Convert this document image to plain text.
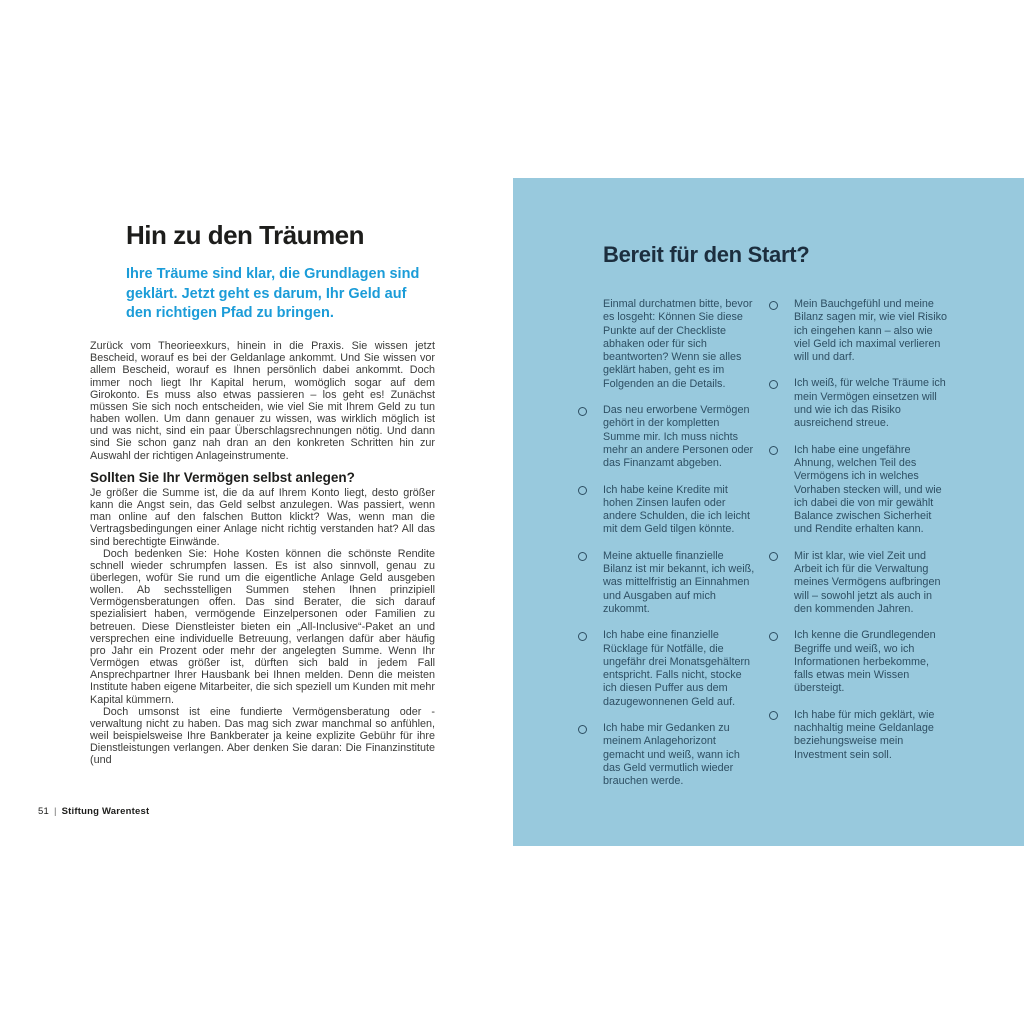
Hin zu den Träumen

Ihre Träume sind klar, die Grundlagen sind geklärt. Jetzt geht es darum, Ihr Geld auf den richtigen Pfad zu bringen.

Zurück vom Theorieexkurs, hinein in die Praxis. Sie wissen jetzt Bescheid, worauf es bei der Geldanlage ankommt. Und Sie wissen vor allem Bescheid, worauf es Ihnen persönlich dabei ankommt. Doch immer noch liegt Ihr Kapital herum, womöglich sogar auf dem Girokonto. Es muss also etwas passieren – los geht es! Zunächst müssen Sie sich noch entscheiden, wie viel Sie mit Ihrem Geld zu tun haben wollen. Um dann genauer zu wissen, was wirklich möglich ist und was nicht, sind ein paar Überschlagsrechnungen nötig. Und dann sind Sie schon ganz nah dran an den konkreten Schritten hin zur Auswahl der richtigen Anlageinstrumente.

Sollten Sie Ihr Vermögen selbst anlegen?

Je größer die Summe ist, die da auf Ihrem Konto liegt, desto größer kann die Angst sein, das Geld selbst anzulegen. Was passiert, wenn man online auf den falschen Button klickt? Was, wenn man die Vertragsbedingungen einer Anlage nicht richtig verstanden hat? All das sind berechtigte Einwände.

Doch bedenken Sie: Hohe Kosten können die schönste Rendite schnell wieder schrumpfen lassen. Es ist also sinnvoll, genau zu überlegen, wofür Sie rund um die eigentliche Anlage Geld ausgeben wollen. Ab sechsstelligen Summen stehen Ihnen prinzipiell Vermögensberatungen offen. Das sind Berater, die sich darauf spezialisiert haben, vermögende Einzelpersonen oder Familien zu betreuen. Diese Dienstleister bieten ein „All-Inclusive“-Paket an und versprechen eine individuelle Betreuung, verlangen dafür aber häufig pro Jahr ein Prozent oder mehr der angelegten Summe. Wenn Ihr Vermögen etwas größer ist, dürften sich bald in jedem Fall Ansprechpartner Ihrer Hausbank bei Ihnen melden. Denn die meisten Institute haben eigene Mitarbeiter, die sich speziell um Kunden mit mehr Kapital kümmern.

Doch umsonst ist eine fundierte Vermögensberatung oder -verwaltung nicht zu haben. Das mag sich zwar manchmal so anfühlen, weil beispielsweise Ihre Bankberater ja keine explizite Gebühr für ihre Dienstleistungen verlangen. Aber denken Sie daran: Die Finanzinstitute (und

51 | Stiftung Warentest
Bereit für den Start?

Einmal durchatmen bitte, bevor es losgeht: Können Sie diese Punkte auf der Checkliste abhaken oder für sich beantworten? Wenn sie alles geklärt haben, geht es im Folgenden an die Details.

Das neu erworbene Vermögen gehört in der kompletten Summe mir. Ich muss nichts mehr an andere Personen oder das Finanzamt abgeben.

Ich habe keine Kredite mit hohen Zinsen laufen oder andere Schulden, die ich leicht mit dem Geld tilgen könnte.

Meine aktuelle finanzielle Bilanz ist mir bekannt, ich weiß, was mittelfristig an Einnahmen und Ausgaben auf mich zukommt.

Ich habe eine finanzielle Rücklage für Notfälle, die ungefähr drei Monatsgehältern entspricht. Falls nicht, stocke ich diesen Puffer aus dem dazugewonnenen Geld auf.

Ich habe mir Gedanken zu meinem Anlagehorizont gemacht und weiß, wann ich das Geld vermutlich wieder brauchen werde.

Mein Bauchgefühl und meine Bilanz sagen mir, wie viel Risiko ich eingehen kann – also wie viel Geld ich maximal verlieren will und darf.

Ich weiß, für welche Träume ich mein Vermögen einsetzen will und wie ich das Risiko ausreichend streue.

Ich habe eine ungefähre Ahnung, welchen Teil des Vermögens ich in welches Vorhaben stecken will, und wie ich dabei die von mir gewählt Balance zwischen Sicherheit und Rendite erhalten kann.

Mir ist klar, wie viel Zeit und Arbeit ich für die Verwaltung meines Vermögens aufbringen will – sowohl jetzt als auch in den kommenden Jahren.

Ich kenne die Grundlegenden Begriffe und weiß, wo ich Informationen herbekomme, falls etwas mein Wissen übersteigt.

Ich habe für mich geklärt, wie nachhaltig meine Geldanlage beziehungsweise mein Investment sein soll.
